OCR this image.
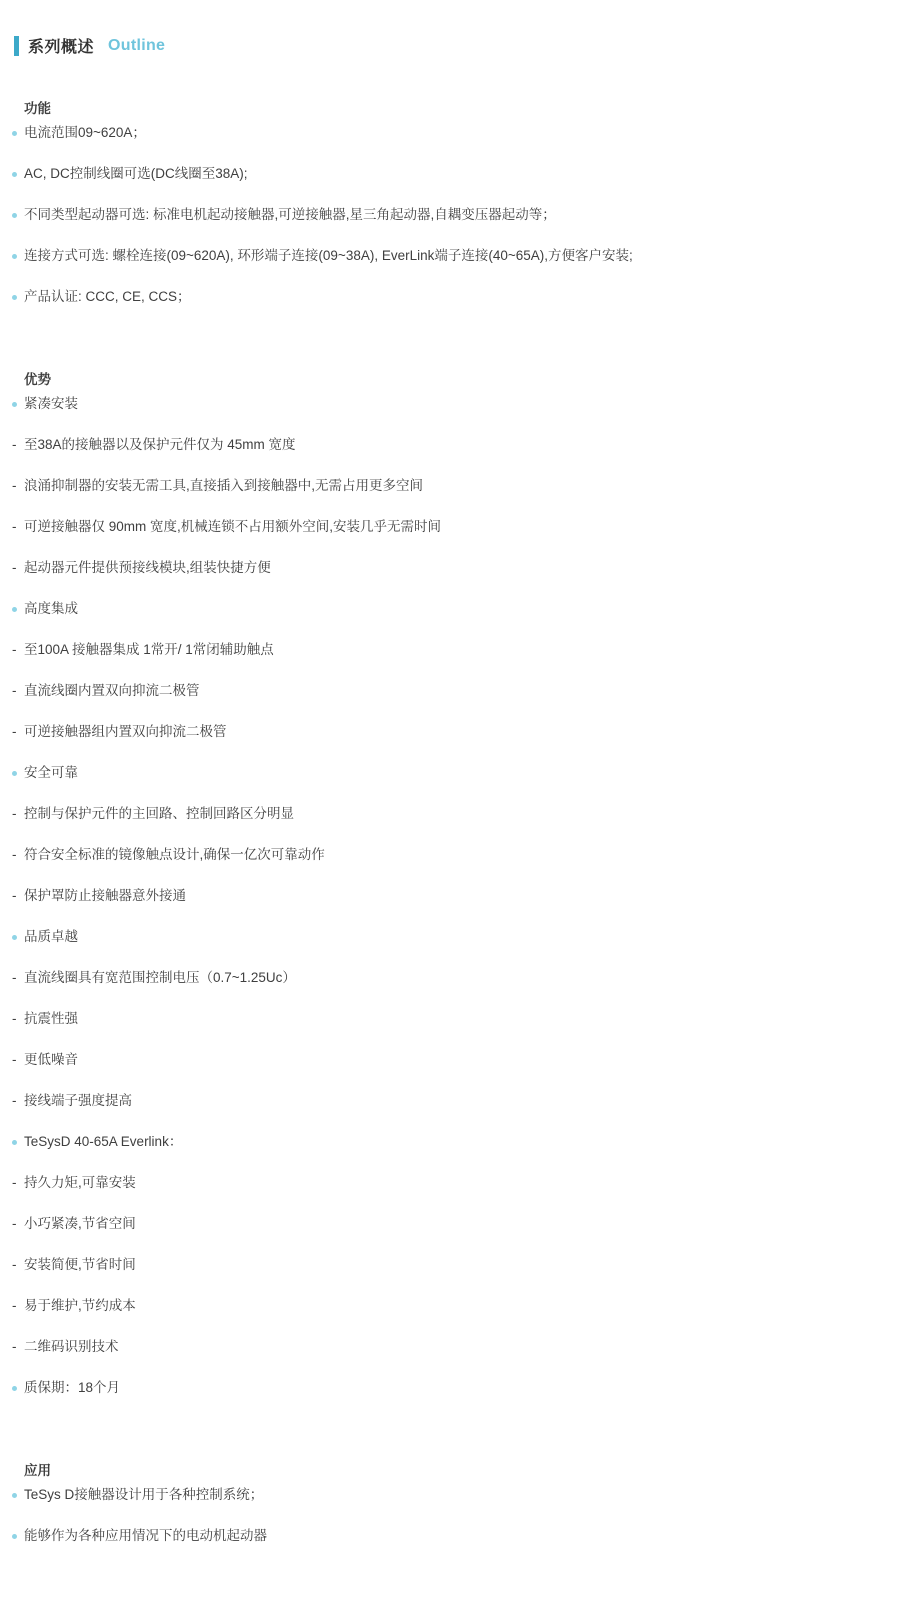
系列概述 Outline
功能
电流范围09~620A；
AC, DC控制线圈可选(DC线圈至38A);
不同类型起动器可选: 标准电机起动接触器,可逆接触器,星三角起动器,自耦变压器起动等；
连接方式可选: 螺栓连接(09~620A), 环形端子连接(09~38A), EverLink端子连接(40~65A),方便客户安装;
产品认证: CCC, CE, CCS；
优势
紧凑安装
- 至38A的接触器以及保护元件仅为 45mm 宽度
- 浪涌抑制器的安装无需工具,直接插入到接触器中,无需占用更多空间
- 可逆接触器仅 90mm 宽度,机械连锁不占用额外空间,安装几乎无需时间
- 起动器元件提供预接线模块,组装快捷方便
高度集成
- 至100A 接触器集成 1常开/ 1常闭辅助触点
- 直流线圈内置双向抑流二极管
- 可逆接触器组内置双向抑流二极管
安全可靠
- 控制与保护元件的主回路、控制回路区分明显
- 符合安全标准的镜像触点设计,确保一亿次可靠动作
- 保护罩防止接触器意外接通
品质卓越
- 直流线圈具有宽范围控制电压（0.7~1.25Uc）
- 抗震性强
- 更低噪音
- 接线端子强度提高
TeSysD 40-65A Everlink：
- 持久力矩,可靠安装
- 小巧紧凑,节省空间
- 安装简便,节省时间
- 易于维护,节约成本
- 二维码识别技术
质保期：18个月
应用
TeSys D接触器设计用于各种控制系统；
能够作为各种应用情况下的电动机起动器
